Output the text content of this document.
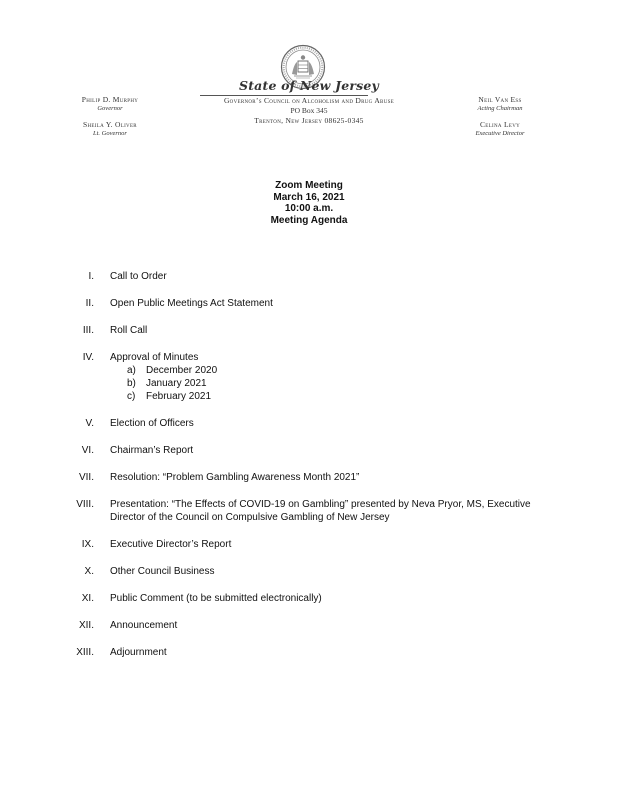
State of New Jersey
Governor’s Council on Alcoholism and Drug Abuse
PO Box 345
Trenton, New Jersey 08625-0345
Philip D. Murphy
Governor
Sheila Y. Oliver
Lt. Governor
Neil Van Ess
Acting Chairman
Celina Levy
Executive Director
Zoom Meeting
March 16, 2021
10:00 a.m.
Meeting Agenda
I. Call to Order
II. Open Public Meetings Act Statement
III. Roll Call
IV. Approval of Minutes
a) December 2020
b) January 2021
c) February 2021
V. Election of Officers
VI. Chairman’s Report
VII. Resolution: “Problem Gambling Awareness Month 2021”
VIII. Presentation: “The Effects of COVID-19 on Gambling” presented by Neva Pryor, MS, Executive Director of the Council on Compulsive Gambling of New Jersey
IX. Executive Director’s Report
X. Other Council Business
XI. Public Comment (to be submitted electronically)
XII. Announcement
XIII. Adjournment
